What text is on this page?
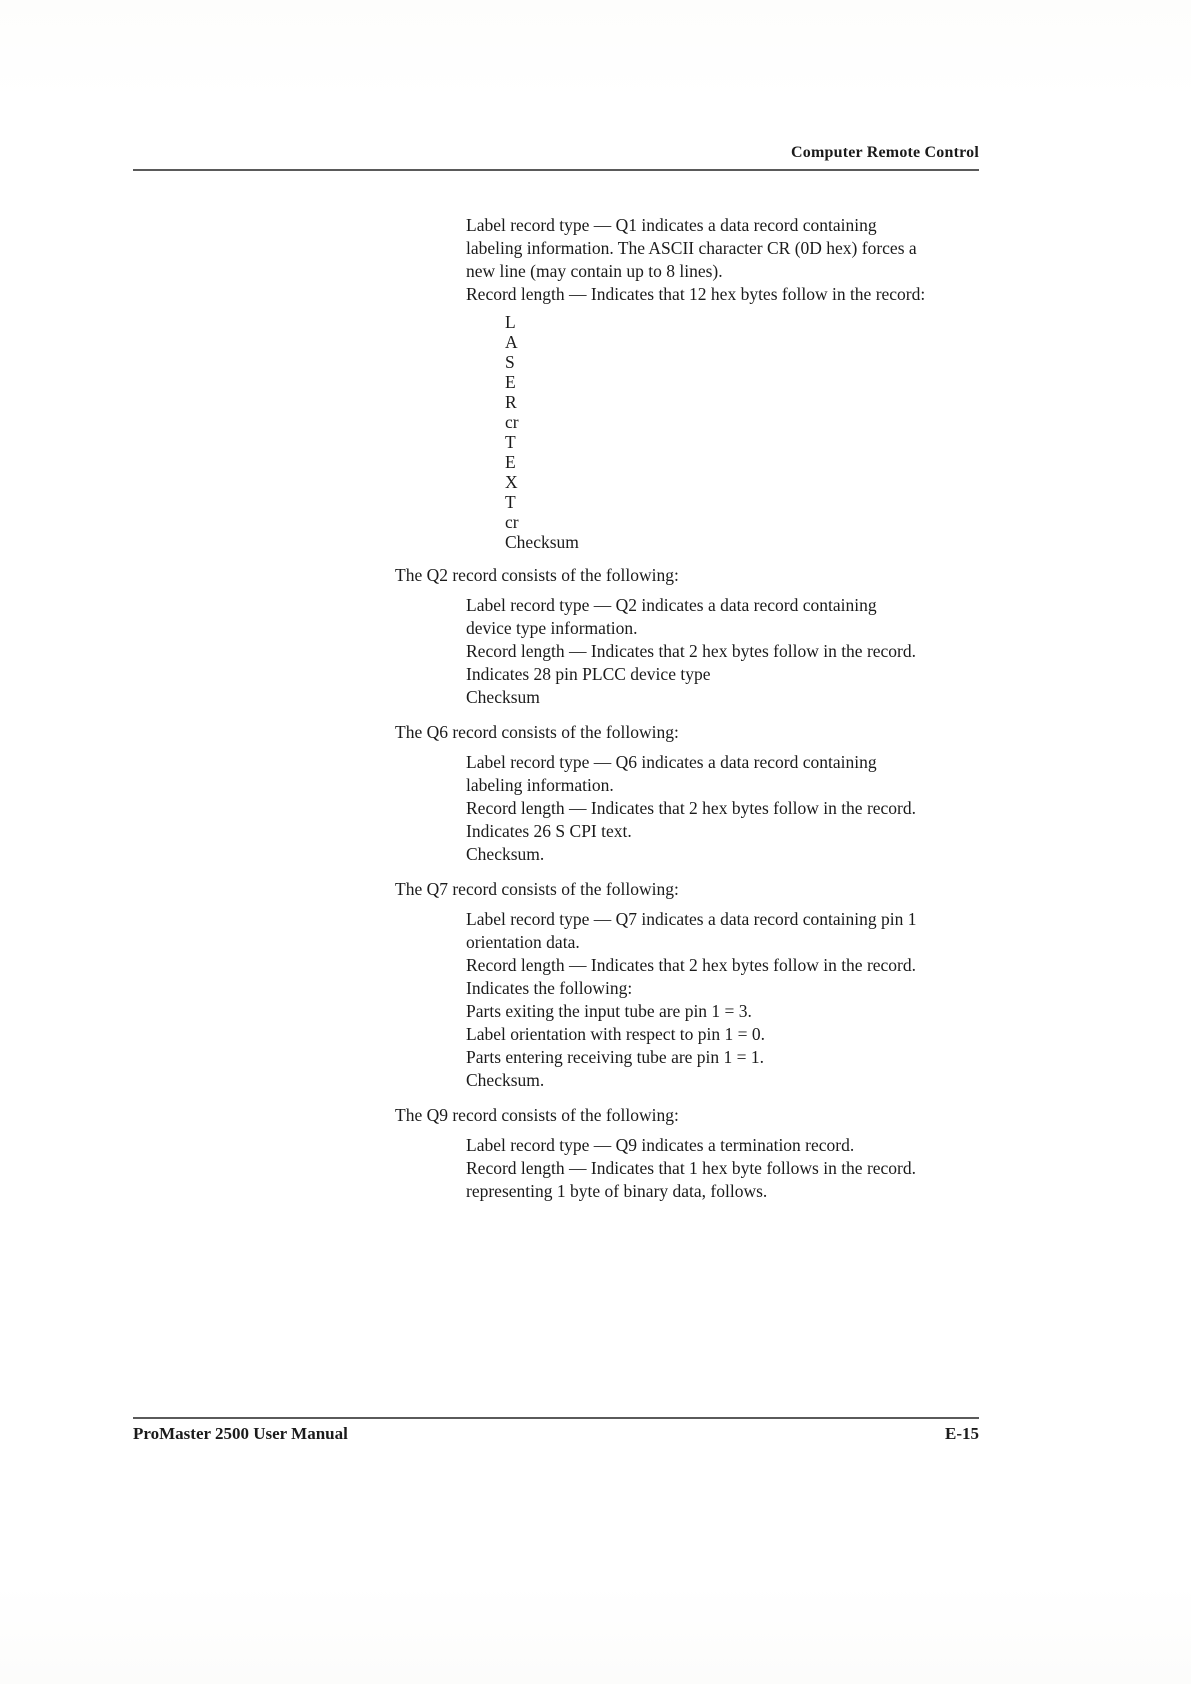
Computer Remote Control

Label record type — Q1 indicates a data record containing

labeling information. The ASCII character CR (0D hex) forces a

new line (may contain up to 8 lines).

Record length — Indicates that 12 hex bytes follow in the record:

L

A

S

E

R

cr

T

E

X

T

cr

Checksum

The Q2 record consists of the following:

Label record type — Q2 indicates a data record containing

device type information.

Record length — Indicates that 2 hex bytes follow in the record.

Indicates 28 pin PLCC device type

Checksum

The Q6 record consists of the following:

Label record type — Q6 indicates a data record containing

labeling information.

Record length — Indicates that 2 hex bytes follow in the record.

Indicates 26 S CPI text.

Checksum.

The Q7 record consists of the following:

Label record type — Q7 indicates a data record containing pin 1

orientation data.

Record length — Indicates that 2 hex bytes follow in the record.

Indicates the following:

Parts exiting the input tube are pin 1 = 3.

Label orientation with respect to pin 1 = 0.

Parts entering receiving tube are pin 1 = 1.

Checksum.

The Q9 record consists of the following:

Label record type — Q9 indicates a termination record.

Record length — Indicates that 1 hex byte follows in the record.

representing 1 byte of binary data, follows.

ProMaster 2500 User Manual	E-15
